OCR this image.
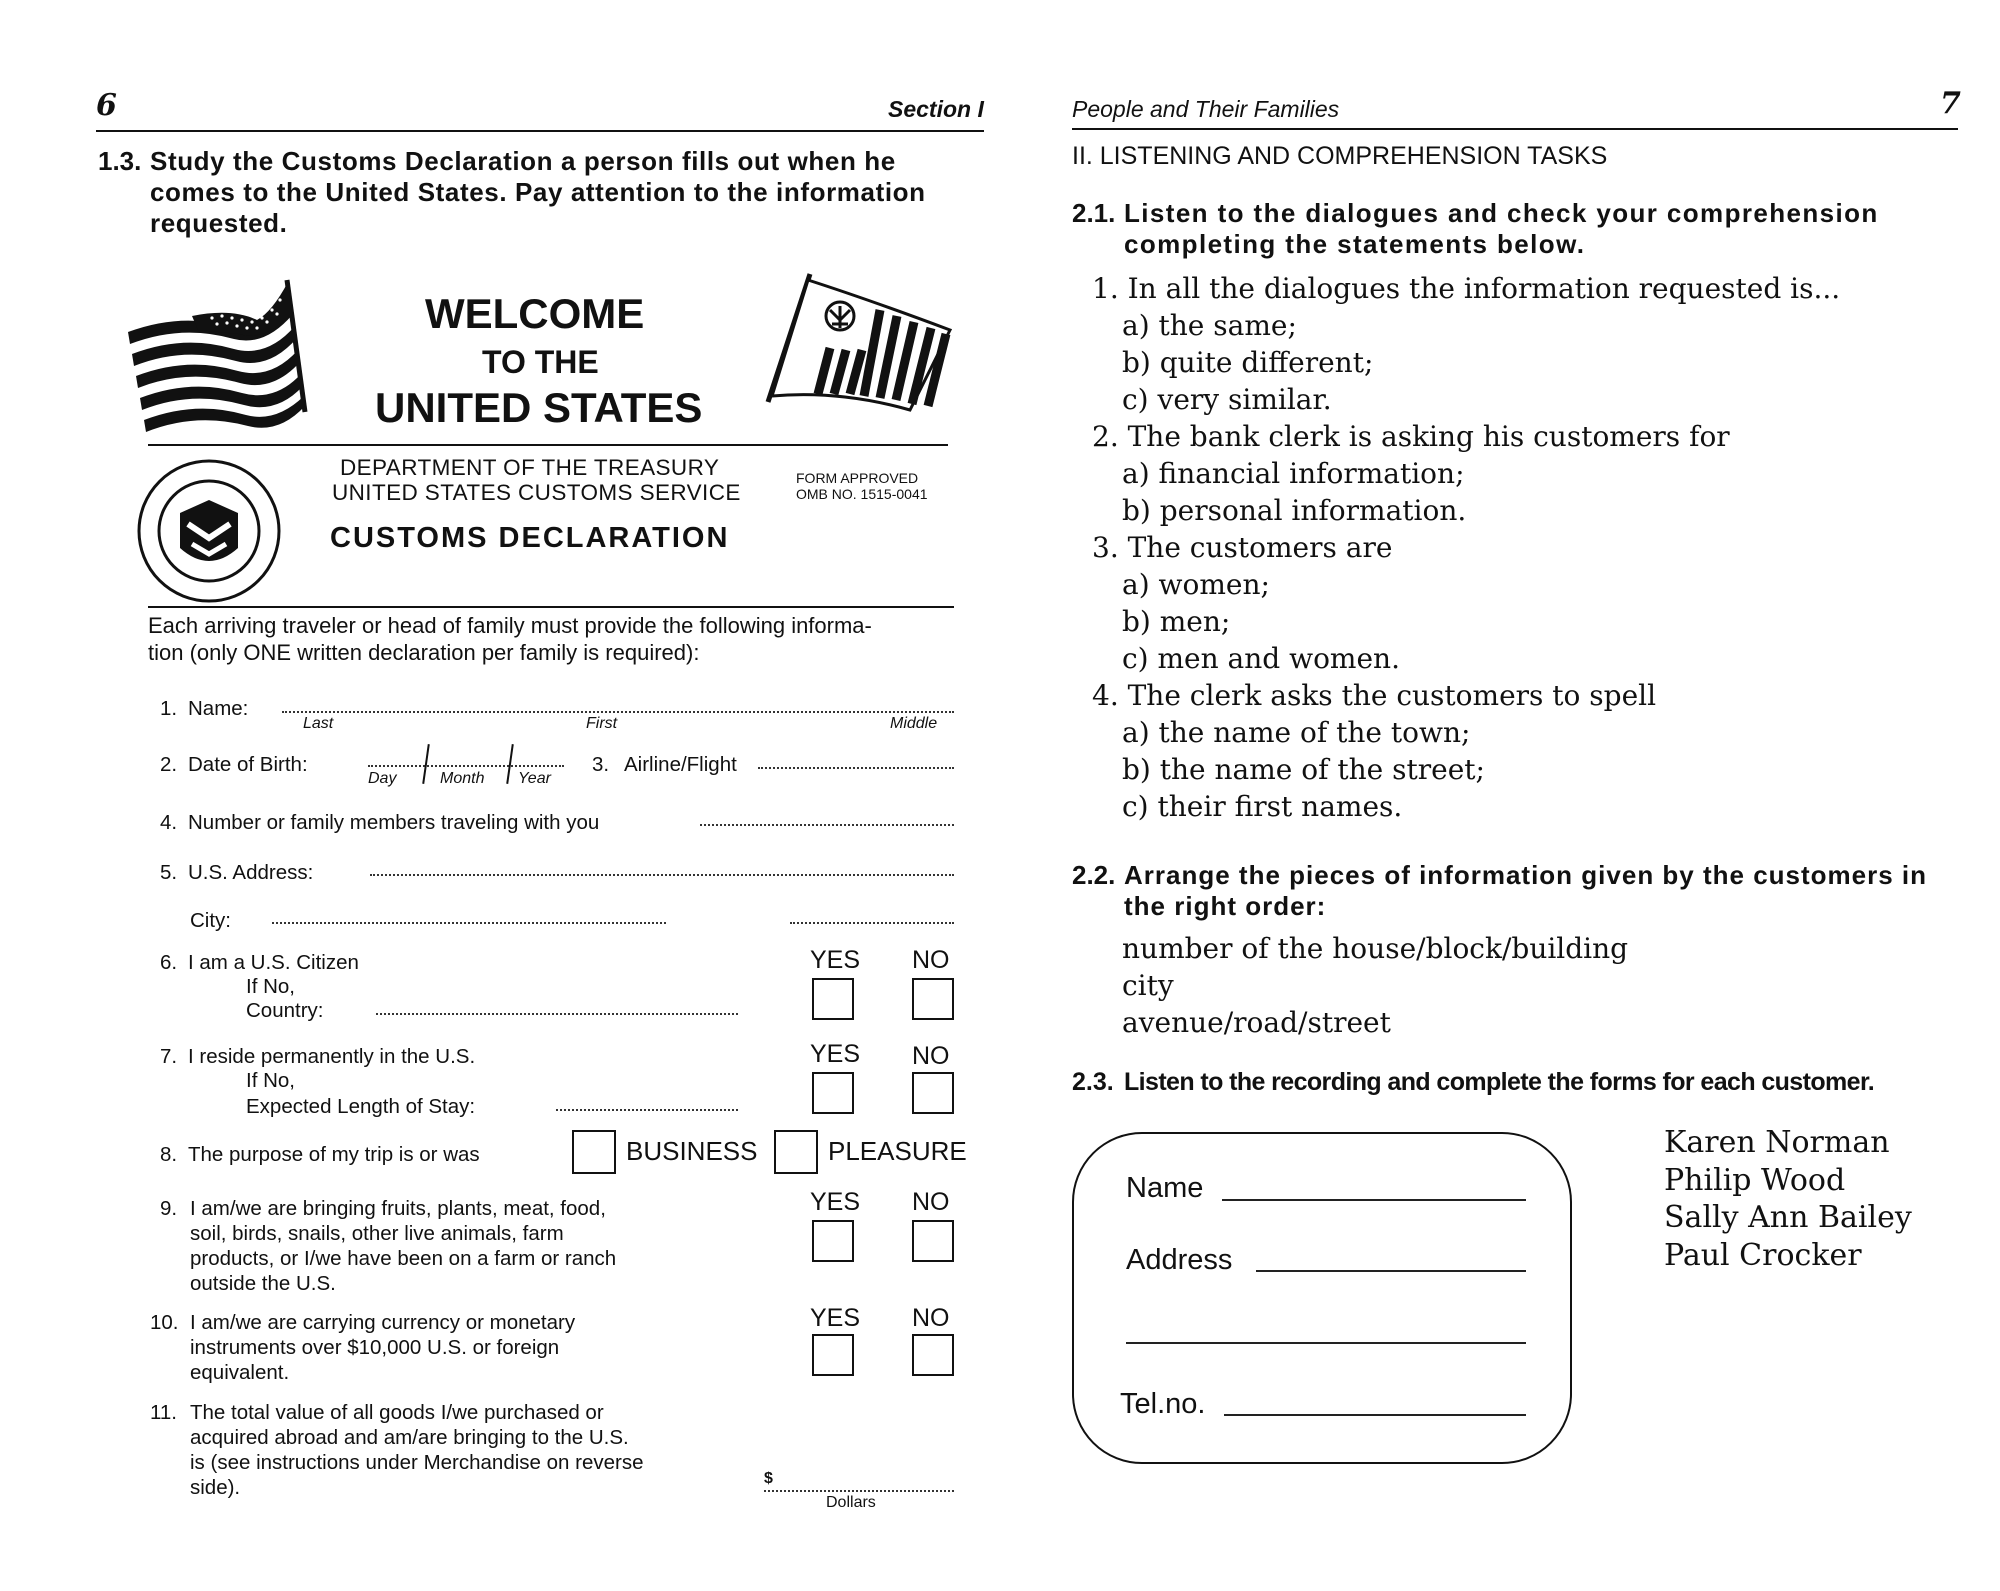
6	Section I
1.3. Study the Customs Declaration a person fills out when he
comes to the United States. Pay attention to the information
requested.
WELCOME
TO THE
UNITED STATES
DEPARTMENT OF THE TREASURY
UNITED STATES CUSTOMS SERVICE
FORM APPROVED
OMB NO. 1515-0041
CUSTOMS DECLARATION
Each arriving traveler or head of family must provide the following informa-
tion (only ONE written declaration per family is required):
1. Name:
Last	First	Middle
2. Date of Birth:
Day	Month Year
3. Airline/Flight
4. Number or family members traveling with you
5. U.S. Address:
City:
6. I am a U.S. Citizen
If No,
Country:
YES NO
7. I reside permanently in the U.S.
If No,
Expected Length of Stay:
YES NO
8. The purpose of my trip is or was	BUSINESS	PLEASURE
9. I am/we are bringing fruits, plants, meat, food,
soil, birds, snails, other live animals, farm
products, or I/we have been on a farm or ranch
outside the U.S.
YES NO
10. I am/we are carrying currency or monetary
instruments over $10,000 U.S. or foreign
equivalent.
YES NO
11. The total value of all goods I/we purchased or
acquired abroad and am/are bringing to the U.S.
is (see instructions under Merchandise on reverse
side).	$
Dollars
People and Their Families	7
II. LISTENING AND COMPREHENSION TASKS
2.1. Listen to the dialogues and check your comprehension
completing the statements below.
1. In all the dialogues the information requested is...
a) the same;
b) quite different;
c) very similar.
2. The bank clerk is asking his customers for
a) financial information;
b) personal information.
3. The customers are
a) women;
b) men;
c) men and women.
4. The clerk asks the customers to spell
a) the name of the town;
b) the name of the street;
c) their first names.
2.2. Arrange the pieces of information given by the customers in
the right order:
number of the house/block/building
city
avenue/road/street
2.3. Listen to the recording and complete the forms for each customer.
Name
Address
Tel.no.
Karen Norman
Philip Wood
Sally Ann Bailey
Paul Crocker
